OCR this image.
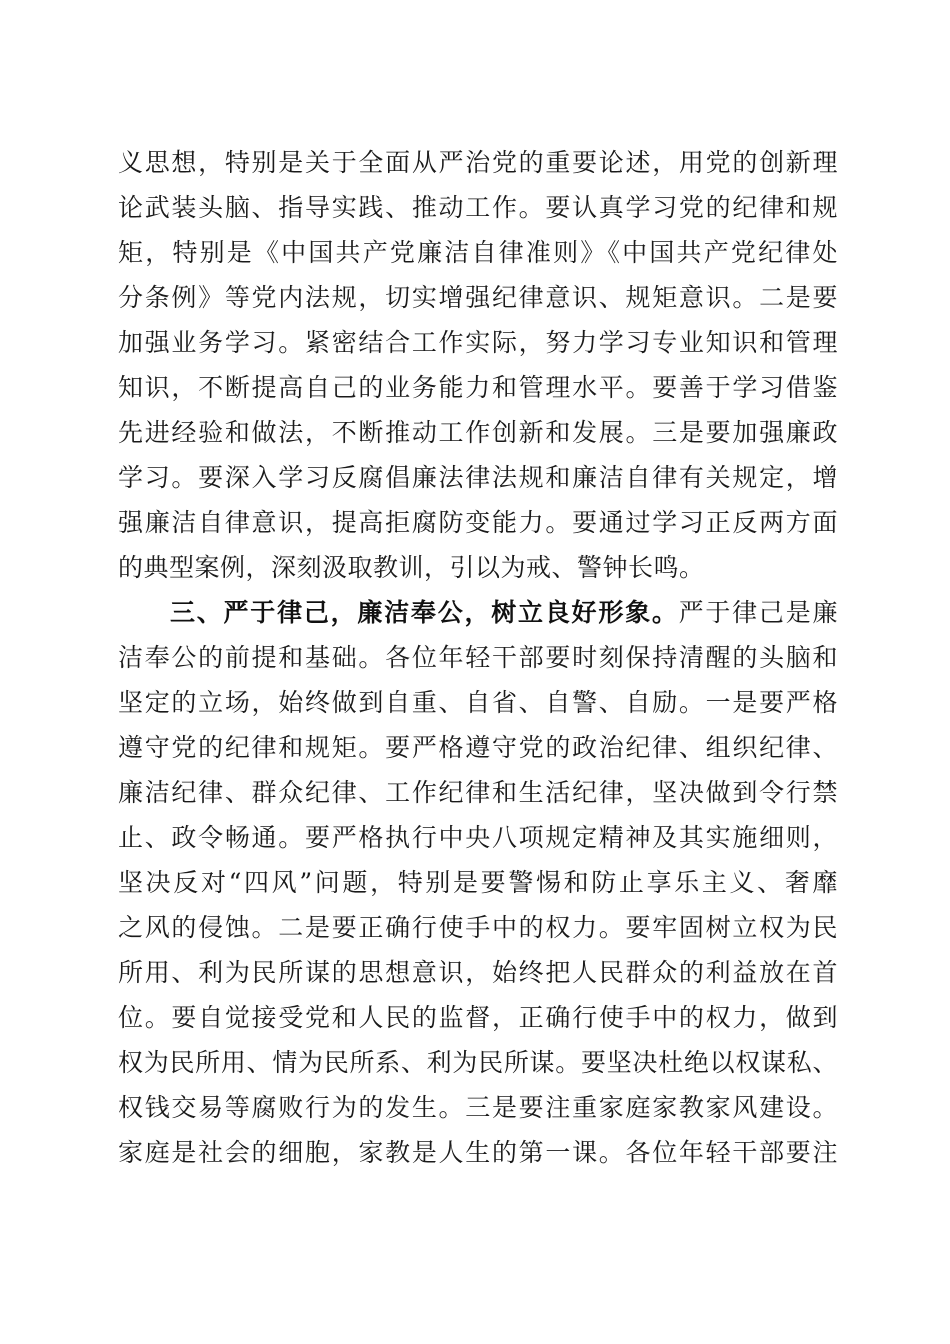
义思想，特别是关于全面从严治党的重要论述，用党的创新理
论武装头脑、指导实践、推动工作。要认真学习党的纪律和规
矩，特别是《中国共产党廉洁自律准则》《中国共产党纪律处
分条例》等党内法规，切实增强纪律意识、规矩意识。二是要
加强业务学习。紧密结合工作实际，努力学习专业知识和管理
知识，不断提高自己的业务能力和管理水平。要善于学习借鉴
先进经验和做法，不断推动工作创新和发展。三是要加强廉政
学习。要深入学习反腐倡廉法律法规和廉洁自律有关规定，增
强廉洁自律意识，提高拒腐防变能力。要通过学习正反两方面
的典型案例，深刻汲取教训，引以为戒、警钟长鸣。
三、严于律己，廉洁奉公，树立良好形象。严于律己是廉
洁奉公的前提和基础。各位年轻干部要时刻保持清醒的头脑和
坚定的立场，始终做到自重、自省、自警、自励。一是要严格
遵守党的纪律和规矩。要严格遵守党的政治纪律、组织纪律、
廉洁纪律、群众纪律、工作纪律和生活纪律，坚决做到令行禁
止、政令畅通。要严格执行中央八项规定精神及其实施细则，
坚决反对“四风”问题，特别是要警惕和防止享乐主义、奢靡
之风的侵蚀。二是要正确行使手中的权力。要牢固树立权为民
所用、利为民所谋的思想意识，始终把人民群众的利益放在首
位。要自觉接受党和人民的监督，正确行使手中的权力，做到
权为民所用、情为民所系、利为民所谋。要坚决杜绝以权谋私、
权钱交易等腐败行为的发生。三是要注重家庭家教家风建设。
家庭是社会的细胞，家教是人生的第一课。各位年轻干部要注
